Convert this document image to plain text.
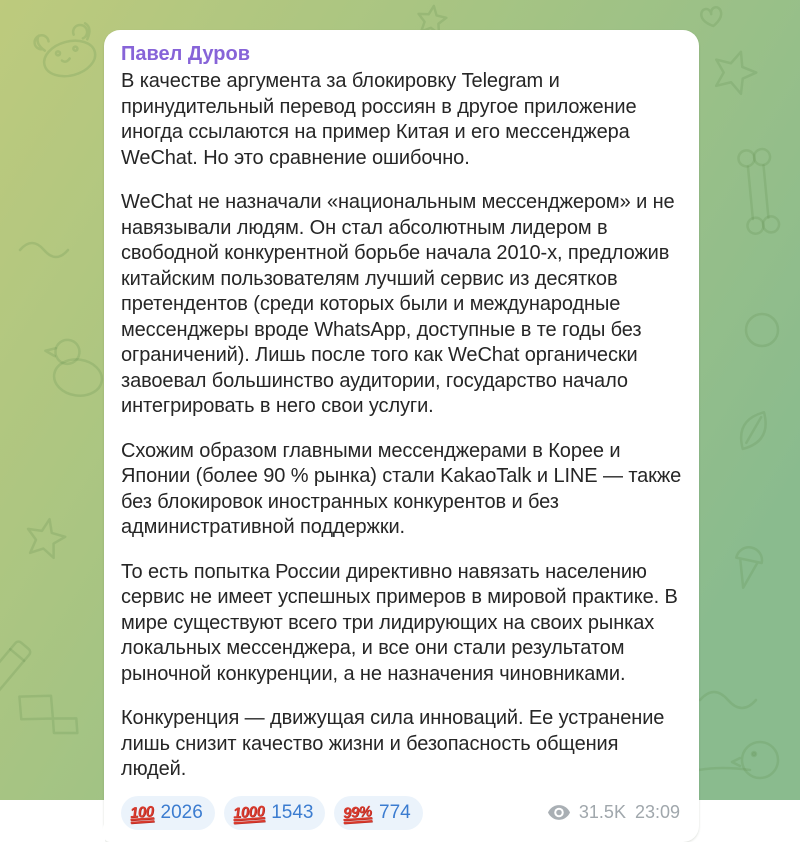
Павел Дуров

В качестве аргумента за блокировку Telegram и принудительный перевод россиян в другое приложение иногда ссылаются на пример Китая и его мессенджера WeChat. Но это сравнение ошибочно.

WeChat не назначали «национальным мессенджером» и не навязывали людям. Он стал абсолютным лидером в свободной конкурентной борьбе начала 2010-х, предложив китайским пользователям лучший сервис из десятков претендентов (среди которых были и международные мессенджеры вроде WhatsApp, доступные в те годы без ограничений). Лишь после того как WeChat органически завоевал большинство аудитории, государство начало интегрировать в него свои услуги.

Схожим образом главными мессенджерами в Корее и Японии (более 90 % рынка) стали KakaoTalk и LINE — также без блокировок иностранных конкурентов и без административной поддержки.

То есть попытка России директивно навязать населению сервис не имеет успешных примеров в мировой практике. В мире существуют всего три лидирующих на своих рынках локальных мессенджера, и все они стали результатом рыночной конкуренции, а не назначения чиновниками.

Конкуренция — движущая сила инноваций. Ее устранение лишь снизит качество жизни и безопасность общения людей.

100 2026 1000 1543 99% 774	31.5K 23:09
